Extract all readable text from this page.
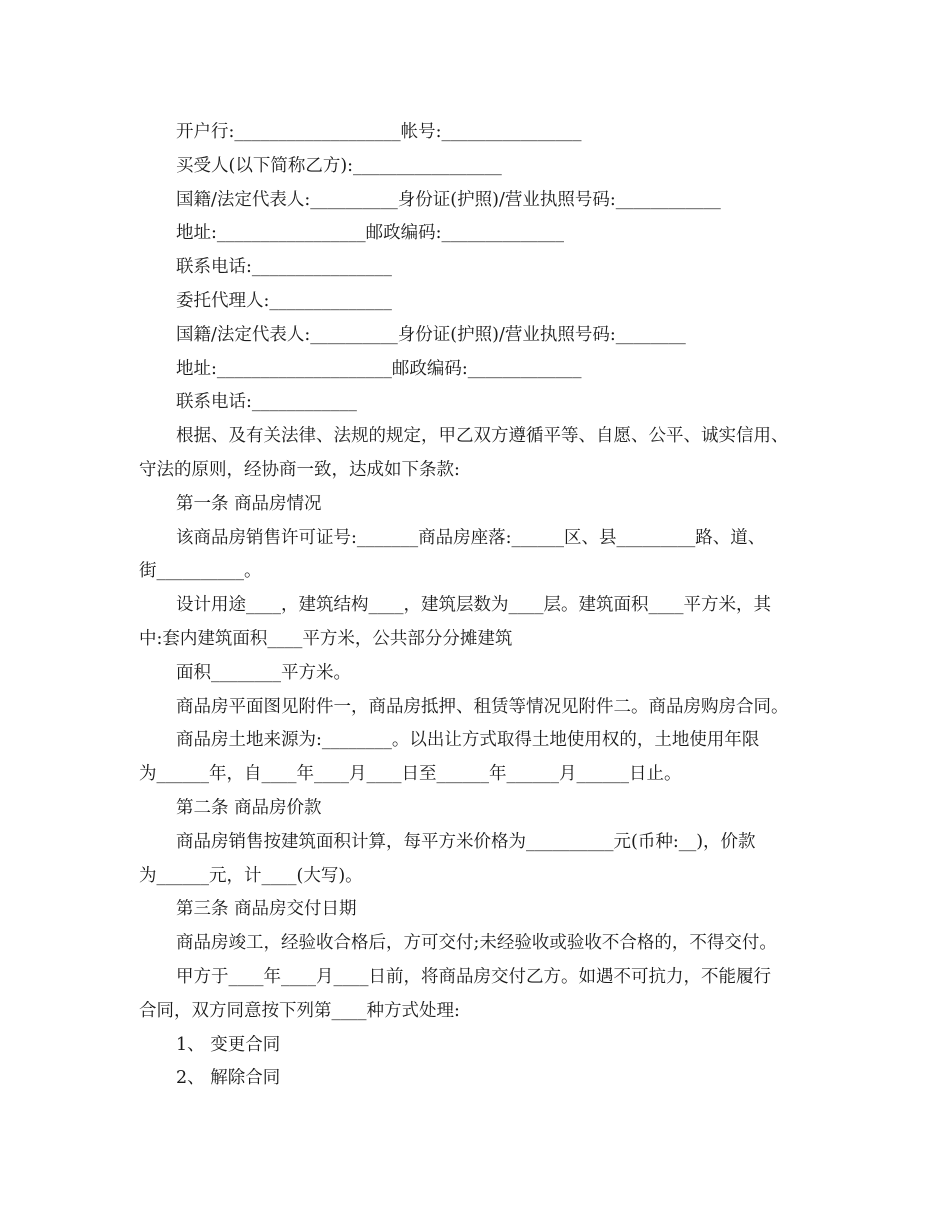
开户行:___________________帐号:________________
买受人(以下简称乙方):_________________
国籍/法定代表人:__________身份证(护照)/营业执照号码:____________
地址:_________________邮政编码:______________
联系电话:________________
委托代理人:______________
国籍/法定代表人:__________身份证(护照)/营业执照号码:________
地址:____________________邮政编码:_____________
联系电话:____________
根据、及有关法律、法规的规定，甲乙双方遵循平等、自愿、公平、诚实信用、
守法的原则，经协商一致，达成如下条款:
第一条 商品房情况
该商品房销售许可证号:_______商品房座落:______区、县_________路、道、
街__________。
设计用途____，建筑结构____，建筑层数为____层。建筑面积____平方米，其
中:套内建筑面积____平方米，公共部分分摊建筑
面积________平方米。
商品房平面图见附件一，商品房抵押、租赁等情况见附件二。商品房购房合同。
商品房土地来源为:________。以出让方式取得土地使用权的，土地使用年限
为______年，自____年____月____日至______年______月______日止。
第二条 商品房价款
商品房销售按建筑面积计算，每平方米价格为__________元(币种:__)，价款
为______元，计____(大写)。
第三条 商品房交付日期
商品房竣工，经验收合格后，方可交付;未经验收或验收不合格的，不得交付。
甲方于____年____月____日前，将商品房交付乙方。如遇不可抗力，不能履行
合同，双方同意按下列第____种方式处理:
1、 变更合同
2、 解除合同
